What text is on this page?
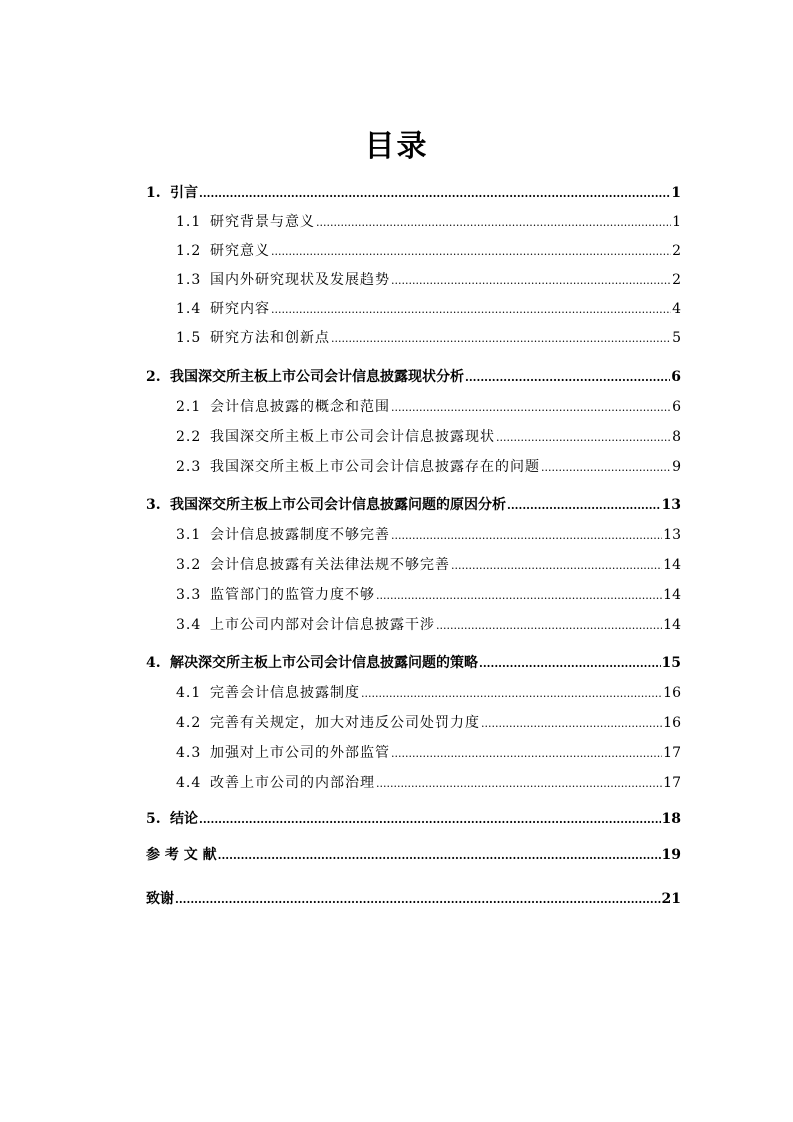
目录
1. 引言 .....	1
1.1 研究背景与意义 .....	1
1.2 研究意义 .....	2
1.3 国内外研究现状及发展趋势 .....	2
1.4 研究内容 .....	4
1.5 研究方法和创新点 .....	5
2. 我国深交所主板上市公司会计信息披露现状分析 .....	6
2.1 会计信息披露的概念和范围 .....	6
2.2 我国深交所主板上市公司会计信息披露现状 .....	8
2.3 我国深交所主板上市公司会计信息披露存在的问题 .....	9
3. 我国深交所主板上市公司会计信息披露问题的原因分析 .....	13
3.1 会计信息披露制度不够完善 .....	13
3.2 会计信息披露有关法律法规不够完善 .....	14
3.3 监管部门的监管力度不够 .....	14
3.4 上市公司内部对会计信息披露干涉 .....	14
4. 解决深交所主板上市公司会计信息披露问题的策略 .....	15
4.1 完善会计信息披露制度 .....	16
4.2 完善有关规定，加大对违反公司处罚力度 .....	16
4.3 加强对上市公司的外部监管 .....	17
4.4 改善上市公司的内部治理 .....	17
5. 结论 .....	18
参 考 文 献 .....	19
致谢 .....	21
